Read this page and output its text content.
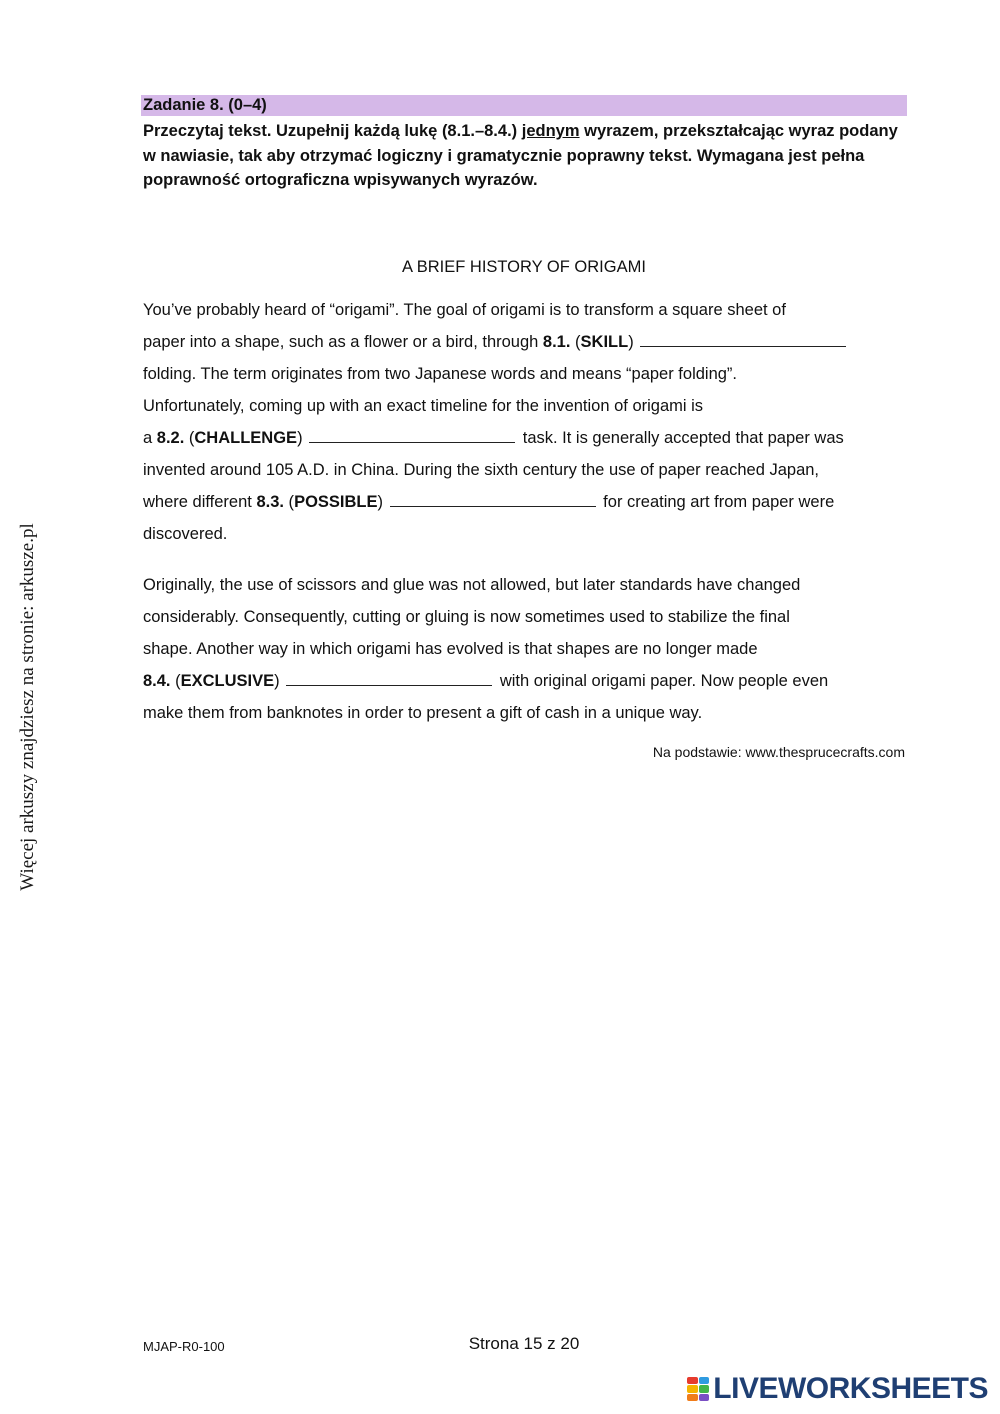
Więcej arkuszy znajdziesz na stronie: arkusze.pl
Zadanie 8. (0–4)
Przeczytaj tekst. Uzupełnij każdą lukę (8.1.–8.4.) jednym wyrazem, przekształcając wyraz podany w nawiasie, tak aby otrzymać logiczny i gramatycznie poprawny tekst. Wymagana jest pełna poprawność ortograficzna wpisywanych wyrazów.
A BRIEF HISTORY OF ORIGAMI
You’ve probably heard of “origami”. The goal of origami is to transform a square sheet of
paper into a shape, such as a flower or a bird, through 8.1. (SKILL)
folding. The term originates from two Japanese words and means “paper folding”.
Unfortunately, coming up with an exact timeline for the invention of origami is
a 8.2. (CHALLENGE)	task. It is generally accepted that paper was
invented around 105 A.D. in China. During the sixth century the use of paper reached Japan,
where different 8.3. (POSSIBLE)	for creating art from paper were
discovered.
Originally, the use of scissors and glue was not allowed, but later standards have changed
considerably. Consequently, cutting or gluing is now sometimes used to stabilize the final
shape. Another way in which origami has evolved is that shapes are no longer made
8.4. (EXCLUSIVE)	with original origami paper. Now people even
make them from banknotes in order to present a gift of cash in a unique way.
Na podstawie: www.thesprucecrafts.com
MJAP-R0-100	Strona 15 z 20
LIVEWORKSHEETS
